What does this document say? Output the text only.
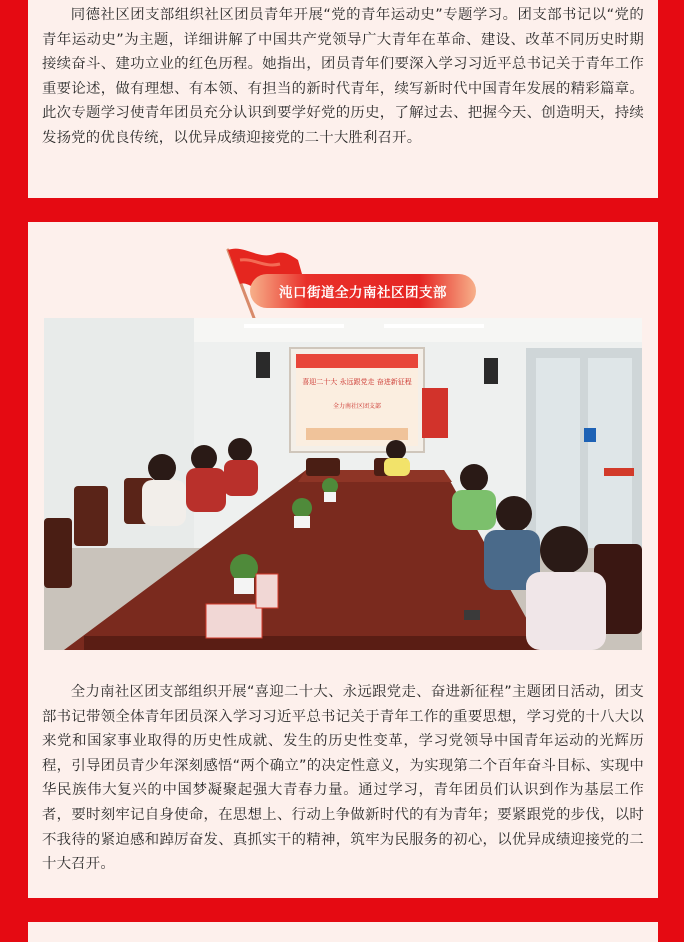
同德社区团支部组织社区团员青年开展“党的青年运动史”专题学习。团支部书记以“党的青年运动史”为主题，详细讲解了中国共产党领导广大青年在革命、建设、改革不同历史时期接续奋斗、建功立业的红色历程。她指出，团员青年们要深入学习习近平总书记关于青年工作重要论述，做有理想、有本领、有担当的新时代青年，续写新时代中国青年发展的精彩篇章。此次专题学习使青年团员充分认识到要学好党的历史，了解过去、把握今天、创造明天，持续发扬党的优良传统，以优异成绩迎接党的二十大胜利召开。

沌口街道全力南社区团支部
喜迎二十大 永远跟党走 奋进新征程
全力南社区团支部

全力南社区团支部组织开展“喜迎二十大、永远跟党走、奋进新征程”主题团日活动，团支部书记带领全体青年团员深入学习习近平总书记关于青年工作的重要思想，学习党的十八大以来党和国家事业取得的历史性成就、发生的历史性变革，学习党领导中国青年运动的光辉历程，引导团员青少年深刻感悟“两个确立”的决定性意义，为实现第二个百年奋斗目标、实现中华民族伟大复兴的中国梦凝聚起强大青春力量。通过学习，青年团员们认识到作为基层工作者，要时刻牢记自身使命，在思想上、行动上争做新时代的有为青年；要紧跟党的步伐，以时不我待的紧迫感和踔厉奋发、真抓实干的精神，筑牢为民服务的初心，以优异成绩迎接党的二十大召开。
